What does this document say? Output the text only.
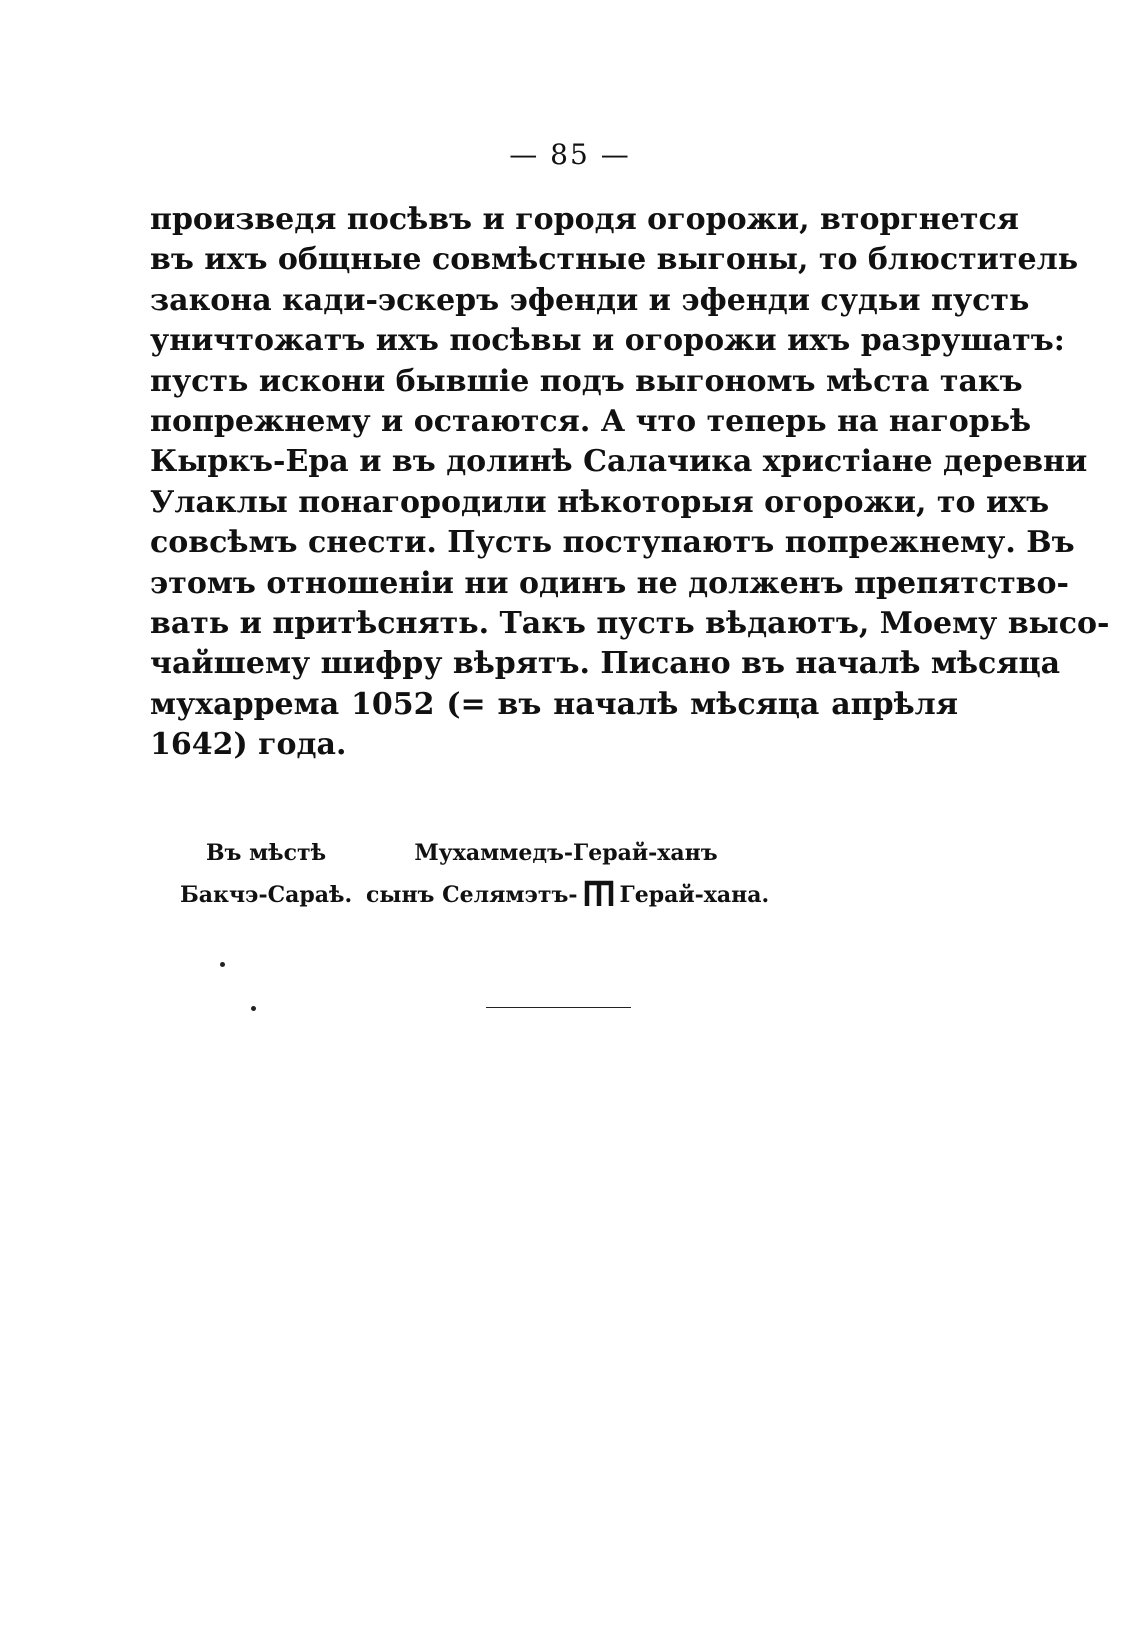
— 85 —
произведя посѣвъ и городя огорожи, вторгнется
въ ихъ общные совмѣстные выгоны, то блюститель
закона кади-эскеръ эфенди и эфенди судьи пусть
уничтожатъ ихъ посѣвы и огорожи ихъ разрушатъ:
пусть искони бывшіе подъ выгономъ мѣста такъ
попрежнему и остаются. А что теперь на нагорьѣ
Кыркъ-Ера и въ долинѣ Салачика христіане деревни
Улаклы понагородили нѣкоторыя огорожи, то ихъ
совсѣмъ снести. Пусть поступаютъ попрежнему. Въ
этомъ отношеніи ни одинъ не долженъ препятство-
вать и притѣснять. Такъ пусть вѣдаютъ, Моему высо-
чайшему шифру вѣрятъ. Писано въ началѣ мѣсяца
мухаррема 1052 (= въ началѣ мѣсяца апрѣля
1642) года.
Въ мѣстѣ
Бакчэ-Сараѣ.
Мухаммедъ-Герай-ханъ
сынъ Селямэтъ- Герай-хана.
